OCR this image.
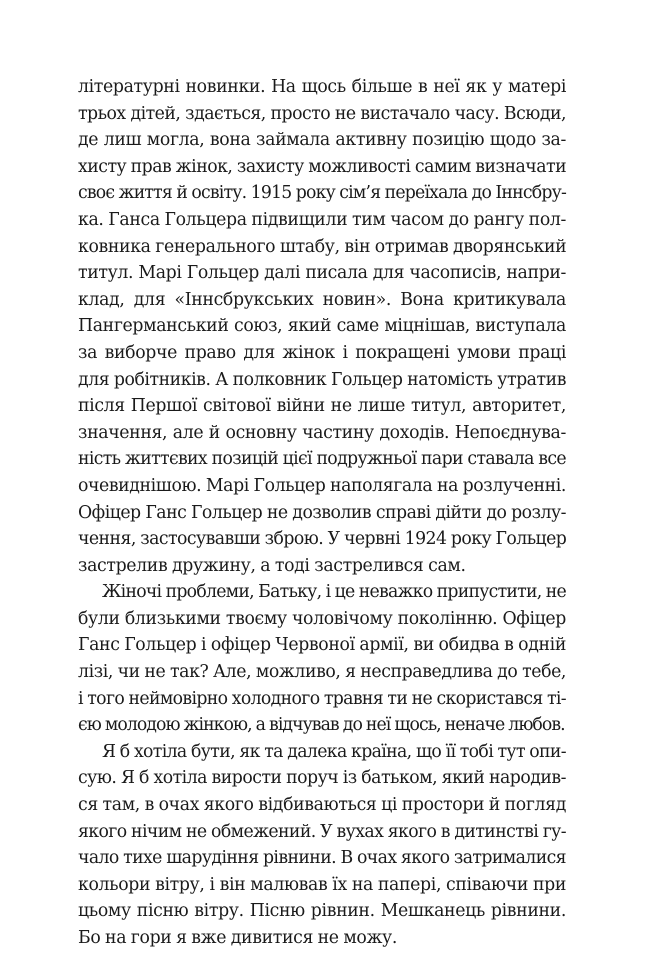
літературні новинки. На щось більше в неї як у матері
трьох дітей, здається, просто не вистачало часу. Всюди,
де лиш могла, вона займала активну позицію щодо за-
хисту прав жінок, захисту можливості самим визначати
своє життя й освіту. 1915 року сім’я переїхала до Іннсбру-
ка. Ганса Гольцера підвищили тим часом до рангу пол-
ковника генерального штабу, він отримав дворянський
титул. Марі Гольцер далі писала для часописів, напри-
клад, для «Іннсбрукських новин». Вона критикувала
Пангерманський союз, який саме міцнішав, виступала
за виборче право для жінок і покращені умови праці
для робітників. А полковник Гольцер натомість утратив
після Першої світової війни не лише титул, авторитет,
значення, але й основну частину доходів. Непоєднува-
ність життєвих позицій цієї подружньої пари ставала все
очевиднішою. Марі Гольцер наполягала на розлученні.
Офіцер Ганс Гольцер не дозволив справі дійти до розлу-
чення, застосувавши зброю. У червні 1924 року Гольцер
застрелив дружину, а тоді застрелився сам.
Жіночі проблеми, Батьку, і це неважко припустити, не
були близькими твоєму чоловічому поколінню. Офіцер
Ганс Гольцер і офіцер Червоної армії, ви обидва в одній
лізі, чи не так? Але, можливо, я несправедлива до тебе,
і того неймовірно холодного травня ти не скористався ті-
єю молодою жінкою, а відчував до неї щось, неначе любов.
Я б хотіла бути, як та далека країна, що її тобі тут опи-
сую. Я б хотіла вирости поруч із батьком, який народив-
ся там, в очах якого відбиваються ці простори й погляд
якого нічим не обмежений. У вухах якого в дитинстві гу-
чало тихе шарудіння рівнини. В очах якого затрималися
кольори вітру, і він малював їх на папері, співаючи при
цьому пісню вітру. Пісню рівнин. Мешканець рівнини.
Бо на гори я вже дивитися не можу.
